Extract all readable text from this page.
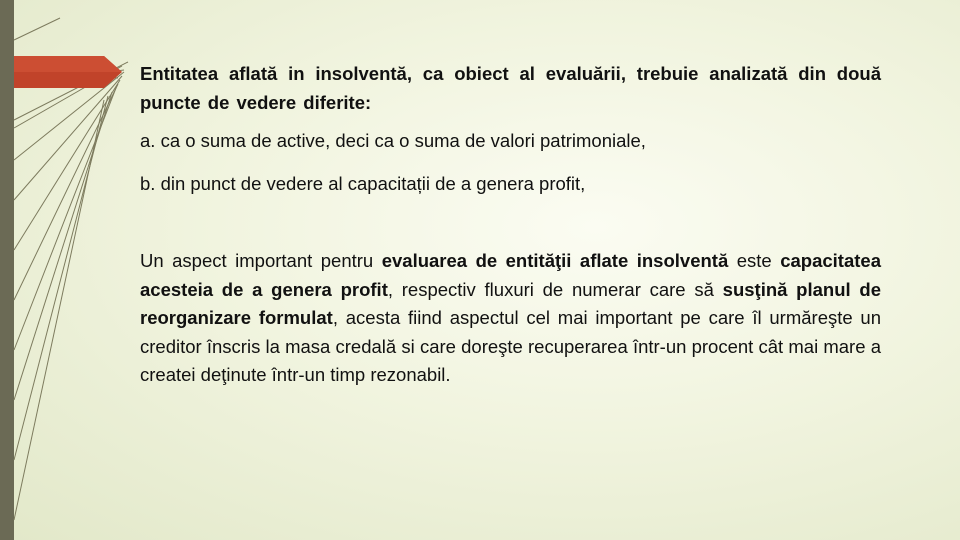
Entitatea aflată in insolventă, ca obiect al evaluării, trebuie analizată din două puncte de vedere diferite:

a. ca o suma de active, deci ca o suma de valori patrimoniale,

b. din punct de vedere al capacitații de a genera profit,

Un aspect important pentru evaluarea de entităţii aflate insolventă este capacitatea acesteia de a genera profit, respectiv fluxuri de numerar care să susţină planul de reorganizare formulat, acesta fiind aspectul cel mai important pe care îl urmăreşte un creditor înscris la masa credală si care doreşte recuperarea într-un procent cât mai mare a createi deţinute într-un timp rezonabil.
